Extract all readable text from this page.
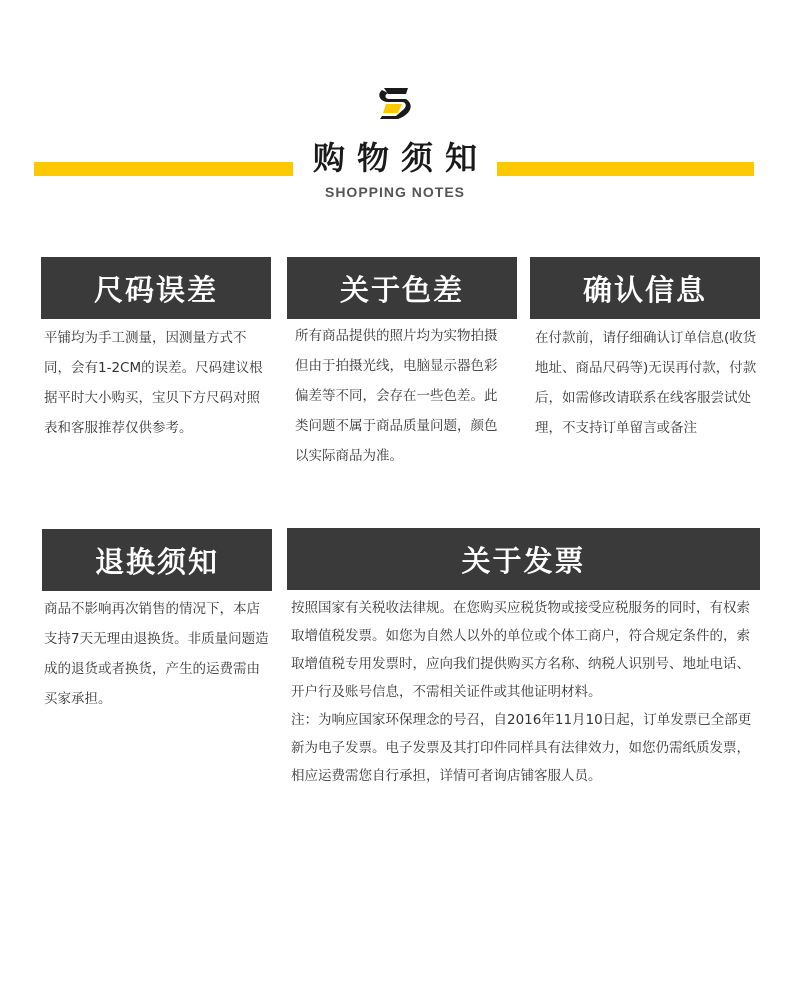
购物须知
SHOPPING NOTES
尺码误差

平铺均为手工测量，因测量方式不同，会有1-2CM的误差。尺码建议根据平时大小购买，宝贝下方尺码对照表和客服推荐仅供参考。

关于色差

所有商品提供的照片均为实物拍摄但由于拍摄光线，电脑显示器色彩偏差等不同，会存在一些色差。此类问题不属于商品质量问题，颜色以实际商品为准。

确认信息

在付款前，请仔细确认订单信息(收货地址、商品尺码等)无误再付款，付款后，如需修改请联系在线客服尝试处理，不支持订单留言或备注

退换须知

商品不影响再次销售的情况下，本店支持7天无理由退换货。非质量问题造成的退货或者换货，产生的运费需由买家承担。

关于发票

按照国家有关税收法律规。在您购买应税货物或接受应税服务的同时，有权索取增值税发票。如您为自然人以外的单位或个体工商户，符合规定条件的，索取增值税专用发票时，应向我们提供购买方名称、纳税人识别号、地址电话、开户行及账号信息，不需相关证件或其他证明材料。

注：为响应国家环保理念的号召，自2016年11月10日起，订单发票已全部更新为电子发票。电子发票及其打印件同样具有法律效力，如您仍需纸质发票，相应运费需您自行承担，详情可者询店铺客服人员。
